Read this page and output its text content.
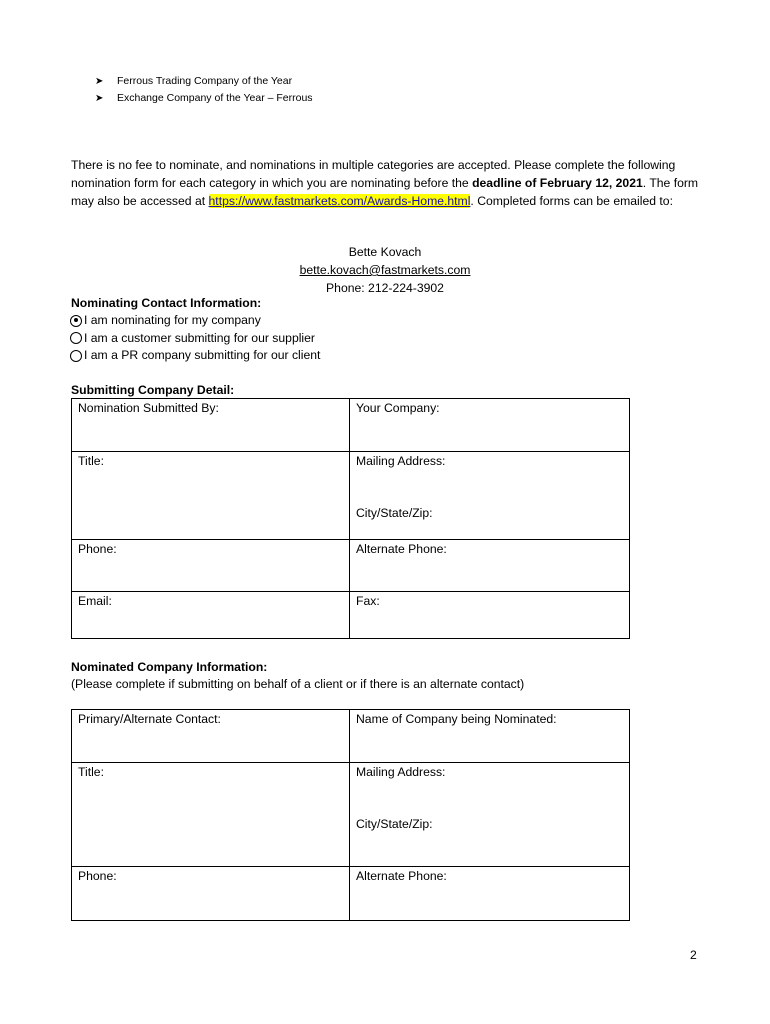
➤	Ferrous Trading Company of the Year
➤	Exchange Company of the Year – Ferrous
There is no fee to nominate, and nominations in multiple categories are accepted. Please complete the following nomination form for each category in which you are nominating before the deadline of February 12, 2021. The form may also be accessed at https://www.fastmarkets.com/Awards-Home.html. Completed forms can be emailed to:
Bette Kovach
bette.kovach@fastmarkets.com
Phone: 212-224-3902
Nominating Contact Information:
I am nominating for my company
I am a customer submitting for our supplier
I am a PR company submitting for our client
Submitting Company Detail:
Nomination Submitted By:	Your Company:
Title:	Mailing Address:
City/State/Zip:

Phone:	Alternate Phone:
Email:	Fax:
Nominated Company Information:
(Please complete if submitting on behalf of a client or if there is an alternate contact)
Primary/Alternate Contact:	Name of Company being Nominated:
Title:	Mailing Address:
City/State/Zip:

Phone:	Alternate Phone:
2
